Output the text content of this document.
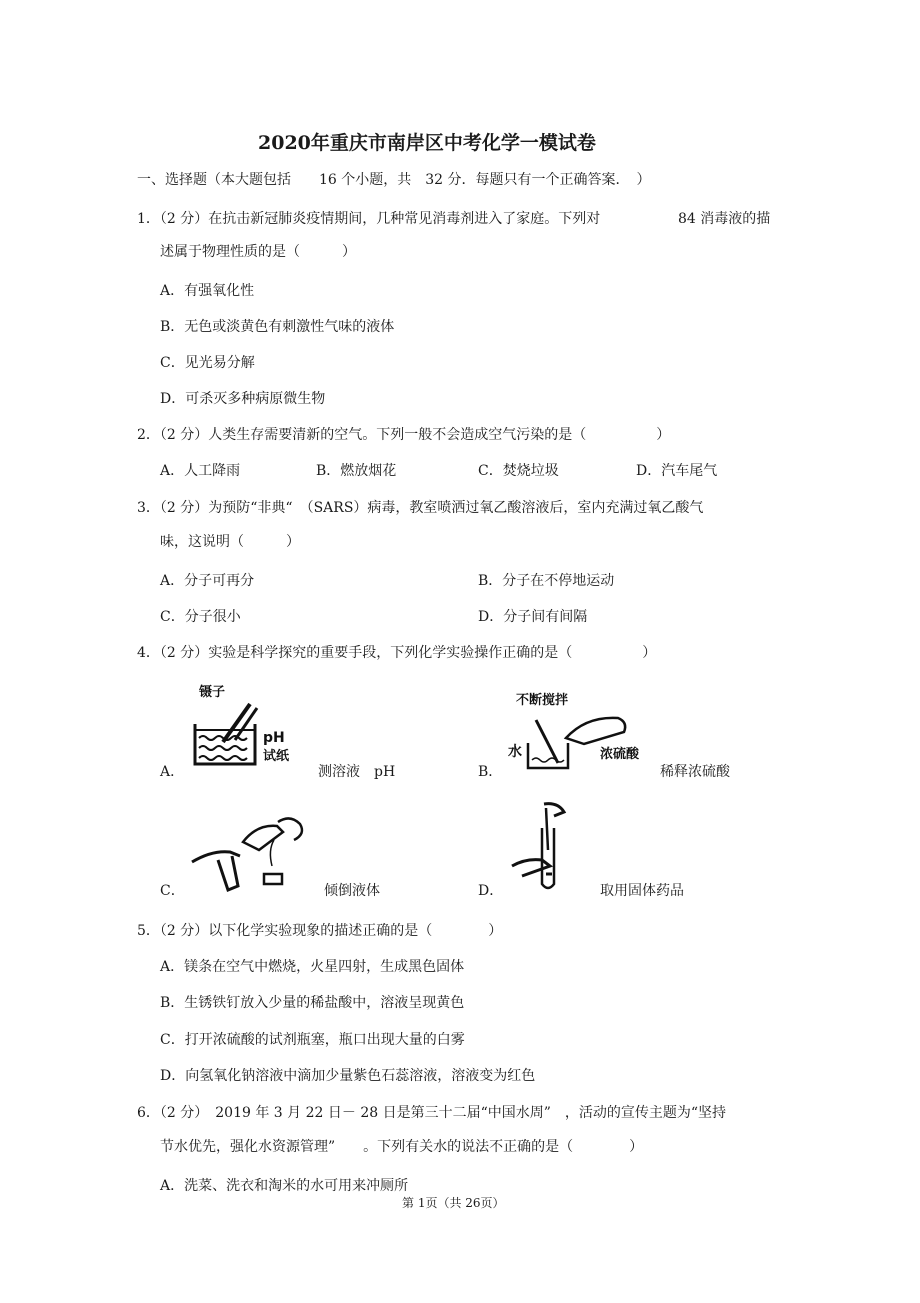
2020年重庆市南岸区中考化学一模试卷
一、选择题（本大题包括　　16 个小题，共　32 分．每题只有一个正确答案．　）
1．（2 分）在抗击新冠肺炎疫情期间，几种常见消毒剂进入了家庭。下列对	84 消毒液的描
述属于物理性质的是（　　　）
A．有强氧化性
B．无色或淡黄色有刺激性气味的液体
C．见光易分解
D．可杀灭多种病原微生物
2．（2 分）人类生存需要清新的空气。下列一般不会造成空气污染的是（　　　　　）
A．人工降雨	B．燃放烟花	C．焚烧垃圾	D．汽车尾气
3．（2 分）为预防“非典“　（SARS）病毒，教室喷洒过氧乙酸溶液后，室内充满过氧乙酸气
味，这说明（　　　）
A．分子可再分	B．分子在不停地运动
C．分子很小	D．分子间有间隔
4．（2 分）实验是科学探究的重要手段，下列化学实验操作正确的是（　　　　　）
A．
镊子
pH
试纸
测溶液　pH	B．
不断搅拌
水	浓硫酸
稀释浓硫酸
C．	倾倒液体	D．	取用固体药品
5．（2 分）以下化学实验现象的描述正确的是（　　　　）
A．镁条在空气中燃烧，火星四射，生成黑色固体
B．生锈铁钉放入少量的稀盐酸中，溶液呈现黄色
C．打开浓硫酸的试剂瓶塞，瓶口出现大量的白雾
D．向氢氧化钠溶液中滴加少量紫色石蕊溶液，溶液变为红色
6．（2 分）　2019 年 3 月 22 日－ 28 日是第三十二届“中国水周”　，活动的宣传主题为“坚持
节水优先，强化水资源管理”　　。下列有关水的说法不正确的是（　　　　）
A．洗菜、洗衣和淘米的水可用来冲厕所
第 1页（共 26页）
